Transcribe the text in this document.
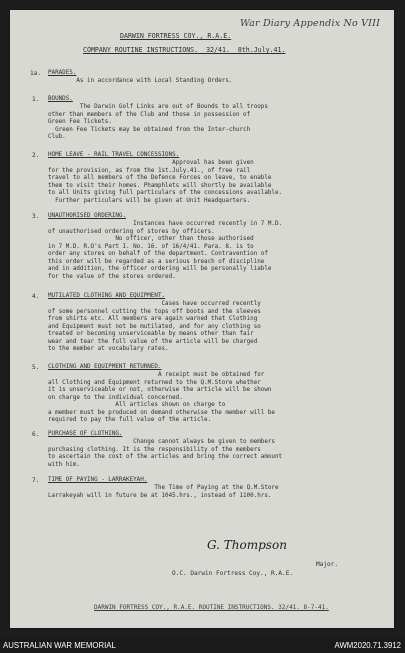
War Diary Appendix No VIII
DARWIN FORTRESS COY., R.A.E.
COMPANY ROUTINE INSTRUCTIONS.  32/41.  8th.July.41.
1a. PARADES.
As in accordance with Local Standing Orders.
1. BOUNDS.
The Darwin Golf Links are out of Bounds to all troops
other than members of the Club and those in possession of
Green Fee Tickets.
Green Fee Tickets may be obtained from the Inter-church
Club.
2. HOME LEAVE - RAIL TRAVEL CONCESSIONS.
Approval has been given
for the provision, as from the 1st.July.41., of free rail
travel to all members of the Defence Forces on leave, to enable
them to visit their homes. Phamphlets will shortly be available
to all Units giving full particulars of the concessions available.
Further particulars will be given at Unit Headquarters.
3. UNAUTHORISED ORDERING.
Instances have occurred recently in 7 M.D.
of unauthorised ordering of stores by officers.
No officer, other than those authorised
in 7 M.D. R.O's Part I. No. 16. of 16/4/41. Para. 8. is to
order any stores on behalf of the department. Contravention of
this order will be regarded as a serious breach of discipline
and in addition, the officer ordering will be personally liable
for the value of the stores ordered.
4. MUTILATED CLOTHING AND EQUIPMENT.
Cases have occurred recently
of some personnel cutting the tops off boots and the sleeves
from shirts etc. All members are again warned that Clothing
and Equipment must not be mutilated, and for any clothing so
treated or becoming unserviceable by means other than fair
wear and tear the full value of the article will be charged
to the member at vocabulary rates.
5. CLOTHING AND EQUIPMENT RETURNED.
A receipt must be obtained for
all Clothing and Equipment returned to the Q.M.Store whether
it is unserviceable or not, otherwise the article will be shown
on charge to the individual concerned.
All articles shown on charge to
a member must be produced on demand otherwise the member will be
required to pay the full value of the article.
6. PURCHASE OF CLOTHING.
Change cannot always be given to members
purchasing clothing. It is the responsibility of the members
to ascertain the cost of the articles and bring the correct amount
with him.
7. TIME OF PAYING - LARRAKEYAH.
The Time of Paying at the Q.M.Store
Larrakeyah will in future be at 1045.hrs., instead of 1100.hrs.
G. Thompson
Major.
O.C. Darwin Fortress Coy., R.A.E.
DARWIN FORTRESS COY., R.A.E. ROUTINE INSTRUCTIONS. 32/41. 8-7-41.
AUSTRALIAN WAR MEMORIAL	AWM2020.71.3912
